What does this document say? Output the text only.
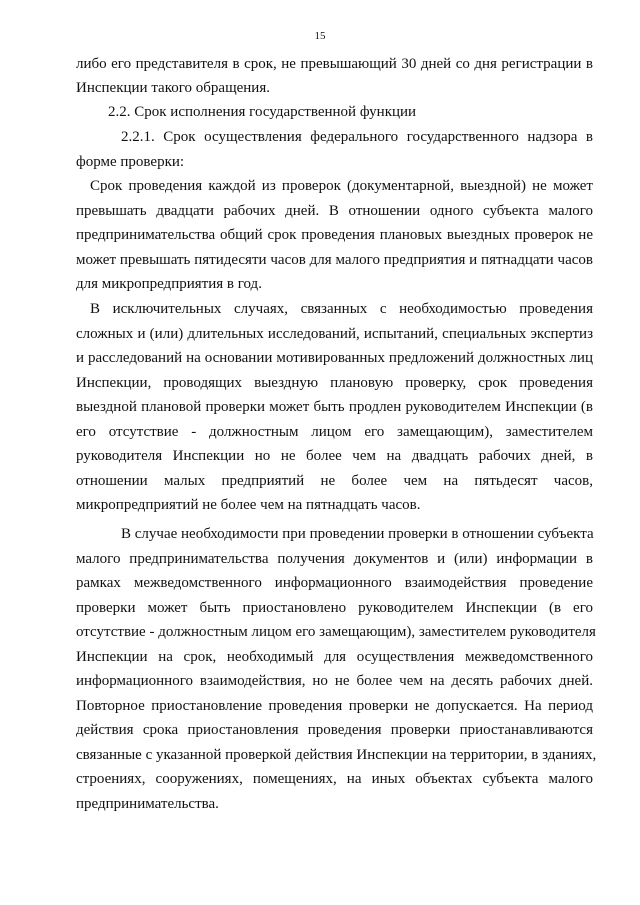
15
либо его представителя в срок, не превышающий 30 дней со дня регистрации в
Инспекции такого обращения.
2.2. Срок исполнения государственной функции
2.2.1. Срок осуществления федерального государственного надзора в
форме проверки:
Срок проведения каждой из проверок (документарной, выездной) не может
превышать двадцати рабочих дней. В отношении одного субъекта малого
предпринимательства общий срок проведения плановых выездных проверок не
может превышать пятидесяти часов для малого предприятия и пятнадцати часов
для микропредприятия в год.
В исключительных случаях, связанных с необходимостью проведения
сложных и (или) длительных исследований, испытаний, специальных экспертиз
и расследований на основании мотивированных предложений должностных лиц
Инспекции, проводящих выездную плановую проверку, срок проведения
выездной плановой проверки может быть продлен руководителем Инспекции (в
его отсутствие - должностным лицом его замещающим), заместителем
руководителя Инспекции но не более чем на двадцать рабочих дней, в
отношении малых предприятий не более чем на пятьдесят часов,
микропредприятий не более чем на пятнадцать часов.
В случае необходимости при проведении проверки в отношении субъекта
малого предпринимательства получения документов и (или) информации в
рамках межведомственного информационного взаимодействия проведение
проверки может быть приостановлено руководителем Инспекции (в его
отсутствие - должностным лицом его замещающим), заместителем руководителя
Инспекции на срок, необходимый для осуществления межведомственного
информационного взаимодействия, но не более чем на десять рабочих дней.
Повторное приостановление проведения проверки не допускается. На период
действия срока приостановления проведения проверки приостанавливаются
связанные с указанной проверкой действия Инспекции на территории, в зданиях,
строениях, сооружениях, помещениях, на иных объектах субъекта малого
предпринимательства.
